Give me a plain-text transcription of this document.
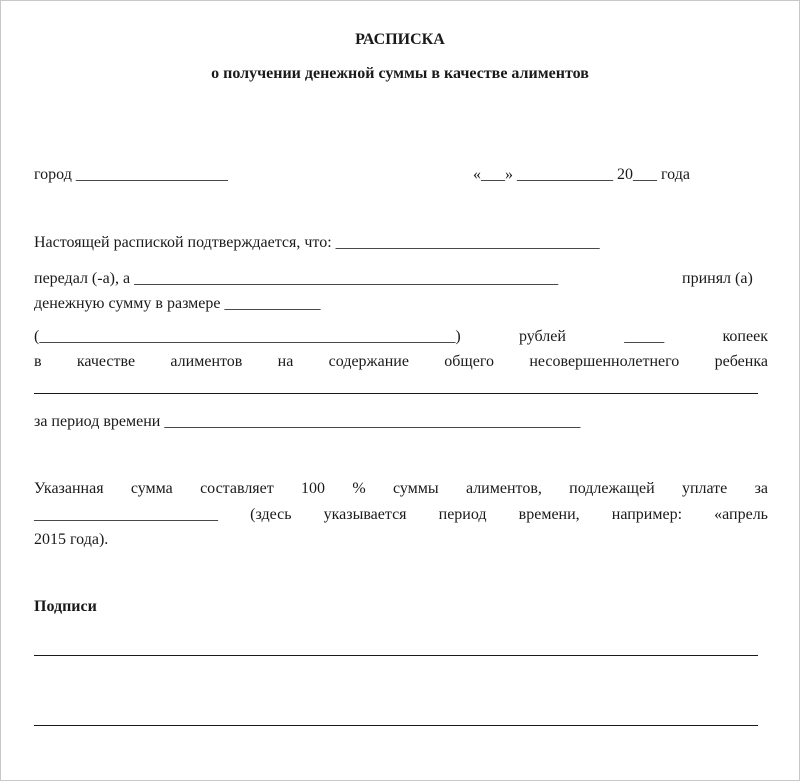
РАСПИСКА
о получении денежной суммы в качестве алиментов
город ___________________	«___» ____________ 20___ года
Настоящей распиской подтверждается, что: _________________________________
передал (-а), а _____________________________________________________	принял (а)
денежную сумму в размере ____________
(____________________________________________________)	рублей	_____	копеек
в качестве алиментов на содержание общего несовершеннолетнего ребенка
за период времени ____________________________________________________
Указанная сумма составляет 100 % суммы алиментов, подлежащей уплате за
_______________________ (здесь указывается период времени, например: «апрель
2015 года).
Подписи
